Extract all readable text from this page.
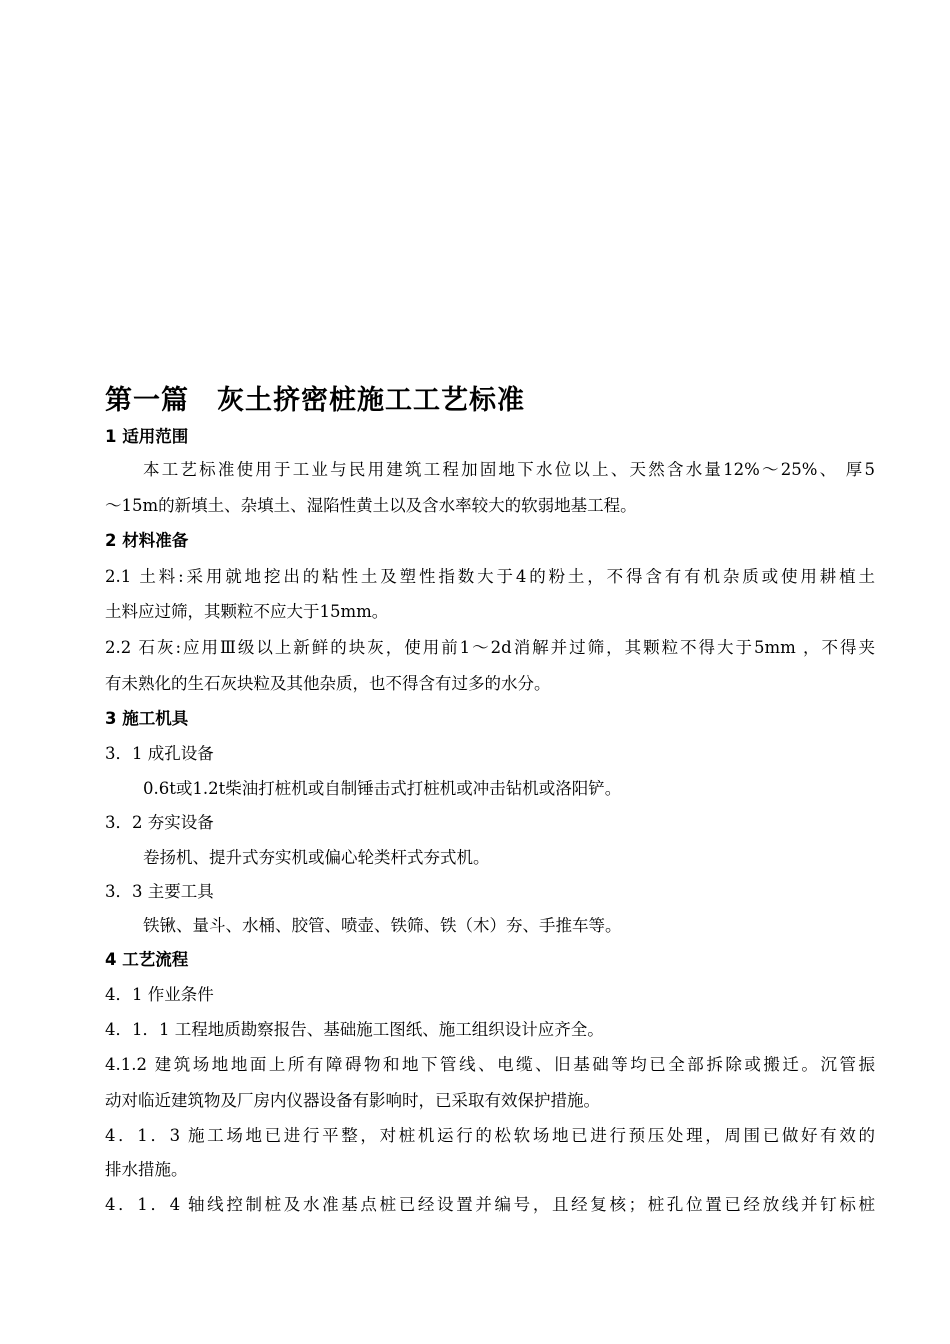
第一篇　灰土挤密桩施工工艺标准
1 适用范围
本工艺标准使用于工业与民用建筑工程加固地下水位以上、天然含水量12%～25%、 厚5
～15m的新填土、杂填土、湿陷性黄土以及含水率较大的软弱地基工程。
2 材料准备
2.1 土料:采用就地挖出的粘性土及塑性指数大于4的粉土，不得含有有机杂质或使用耕植土
土料应过筛，其颗粒不应大于15mm。
2.2 石灰:应用Ⅲ级以上新鲜的块灰，使用前1～2d消解并过筛，其颗粒不得大于5mm ，不得夹
有未熟化的生石灰块粒及其他杂质，也不得含有过多的水分。
3 施工机具
3．1 成孔设备
0.6t或1.2t柴油打桩机或自制锤击式打桩机或冲击钻机或洛阳铲。
3．2 夯实设备
卷扬机、提升式夯实机或偏心轮类杆式夯式机。
3．3 主要工具
铁锹、量斗、水桶、胶管、喷壶、铁筛、铁（木）夯、手推车等。
4 工艺流程
4．1 作业条件
4．1．1 工程地质勘察报告、基础施工图纸、施工组织设计应齐全。
4.1.2 建筑场地地面上所有障碍物和地下管线、电缆、旧基础等均已全部拆除或搬迁。沉管振
动对临近建筑物及厂房内仪器设备有影响时，已采取有效保护措施。
4．1．3 施工场地已进行平整，对桩机运行的松软场地已进行预压处理，周围已做好有效的
排水措施。
4．1．4 轴线控制桩及水准基点桩已经设置并编号，且经复核；桩孔位置已经放线并钉标桩
